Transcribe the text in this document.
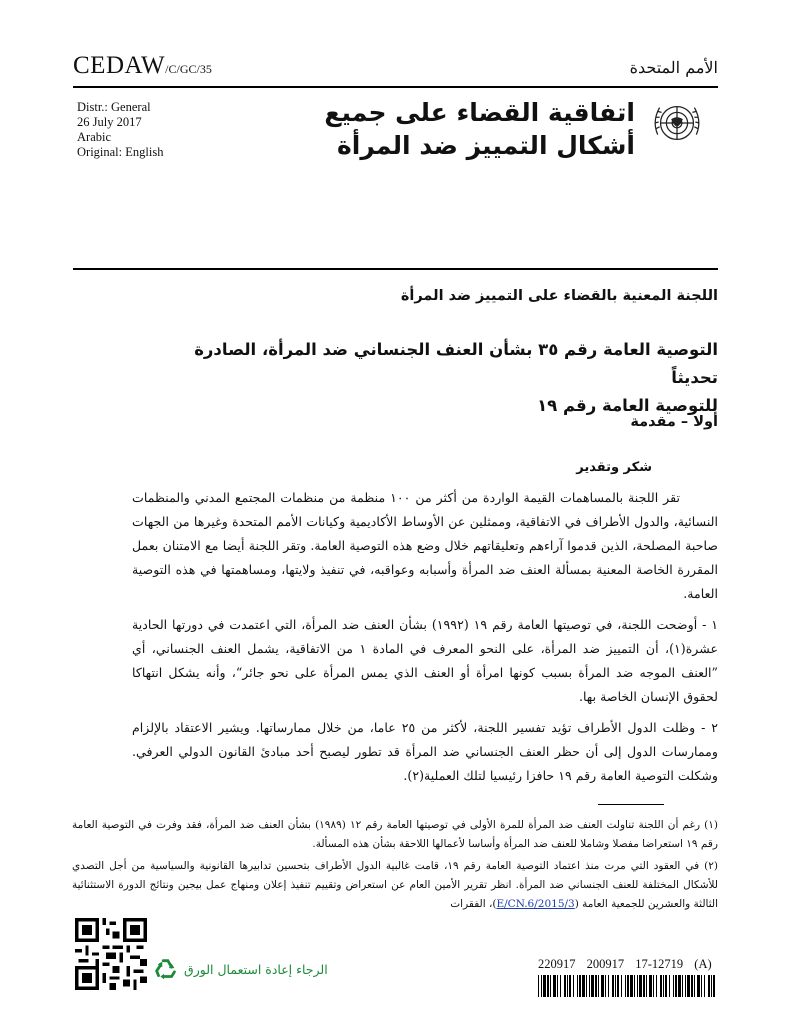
CEDAW/C/GC/35	الأمم المتحدة
Distr.: General
26 July 2017
Arabic
Original: English
اتفاقية القضاء على جميع
أشكال التمييز ضد المرأة
اللجنة المعنية بالقضاء على التمييز ضد المرأة
التوصية العامة رقم ٣٥ بشأن العنف الجنساني ضد المرأة، الصادرة تحديثاً
للتوصية العامة رقم ١٩
أولا – مقدمة
شكر وتقدير
تقر اللجنة بالمساهمات القيمة الواردة من أكثر من ١٠٠ منظمة من منظمات المجتمع المدني والمنظمات النسائية، والدول الأطراف في الاتفاقية، وممثلين عن الأوساط الأكاديمية وكيانات الأمم المتحدة وغيرها من الجهات صاحبة المصلحة، الذين قدموا آراءهم وتعليقاتهم خلال وضع هذه التوصية العامة. وتقر اللجنة أيضا مع الامتنان بعمل المقررة الخاصة المعنية بمسألة العنف ضد المرأة وأسبابه وعواقبه، في تنفيذ ولايتها، ومساهمتها في هذه التوصية العامة.
١ - أوضحت اللجنة، في توصيتها العامة رقم ١٩ (١٩٩٢) بشأن العنف ضد المرأة، التي اعتمدت في دورتها الحادية عشرة(١)، أن التمييز ضد المرأة، على النحو المعرف في المادة ١ من الاتفاقية، يشمل العنف الجنساني، أي ”العنف الموجه ضد المرأة بسبب كونها امرأة أو العنف الذي يمس المرأة على نحو جائر“، وأنه يشكل انتهاكا لحقوق الإنسان الخاصة بها.
٢ - وظلت الدول الأطراف تؤيد تفسير اللجنة، لأكثر من ٢٥ عاما، من خلال ممارساتها. ويشير الاعتقاد بالإلزام وممارسات الدول إلى أن حظر العنف الجنساني ضد المرأة قد تطور ليصبح أحد مبادئ القانون الدولي العرفي. وشكلت التوصية العامة رقم ١٩ حافزا رئيسيا لتلك العملية(٢).
(١) رغم أن اللجنة تناولت العنف ضد المرأة للمرة الأولى في توصيتها العامة رقم ١٢ (١٩٨٩) بشأن العنف ضد المرأة، فقد وفرت في التوصية العامة رقم ١٩ استعراضا مفصلا وشاملا للعنف ضد المرأة وأساسا لأعمالها اللاحقة بشأن هذه المسألة.
(٢) في العقود التي مرت منذ اعتماد التوصية العامة رقم ١٩، قامت غالبية الدول الأطراف بتحسين تدابيرها القانونية والسياسية من أجل التصدي للأشكال المختلفة للعنف الجنساني ضد المرأة. انظر تقرير الأمين العام عن استعراض وتقييم تنفيذ إعلان ومنهاج عمل بيجين ونتائج الدورة الاستثنائية الثالثة والعشرين للجمعية العامة (E/CN.6/2015/3)، الفقرات
الرجاء إعادة استعمال الورق	220917 200917 17-12719 (A)
